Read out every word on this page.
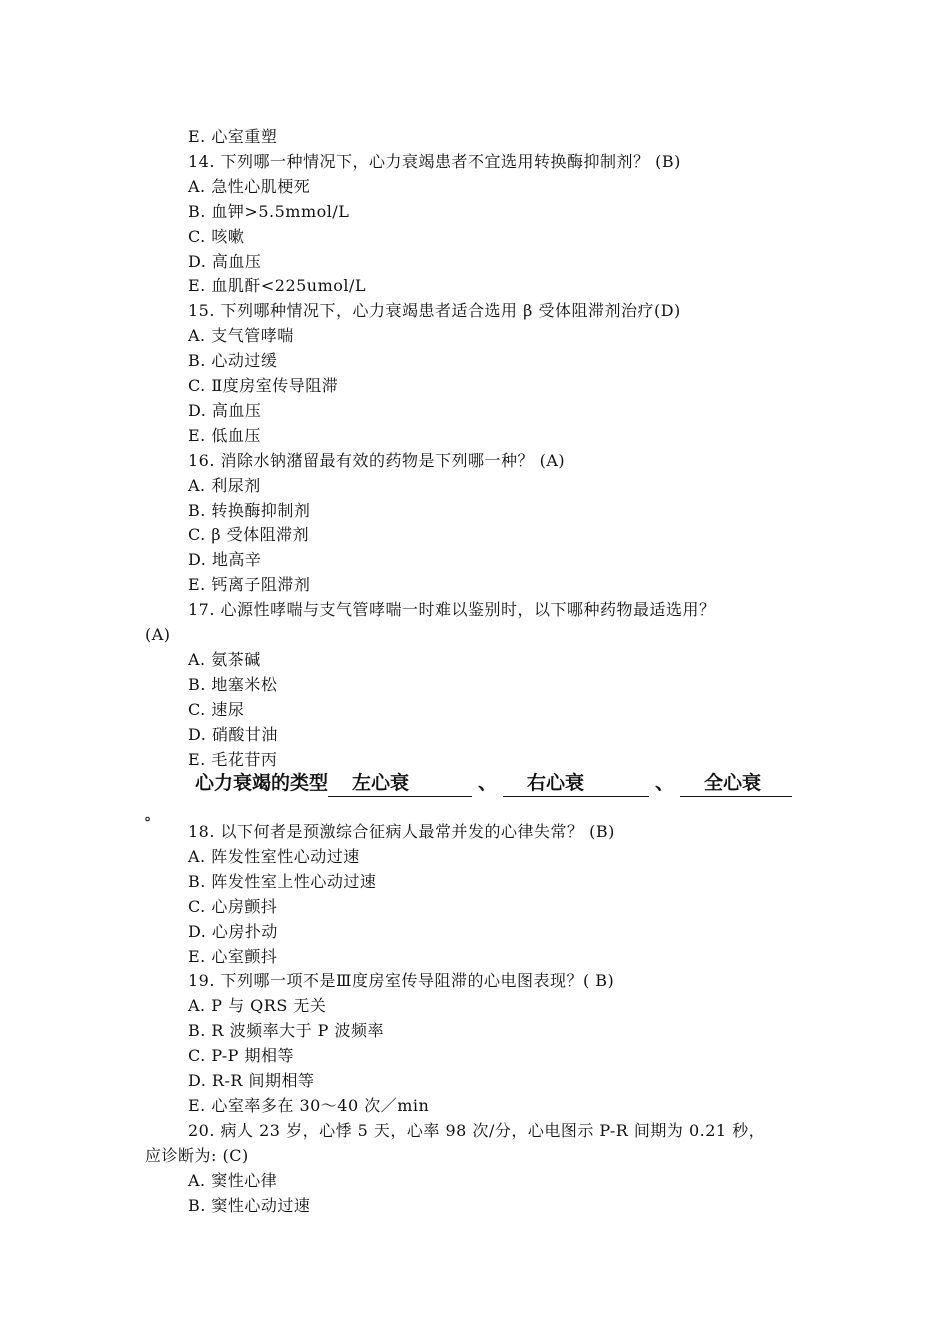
E. 心室重塑
14. 下列哪一种情况下，心力衰竭患者不宜选用转换酶抑制剂？ (B)
A. 急性心肌梗死
B. 血钾>5.5mmol/L
C. 咳嗽
D. 高血压
E. 血肌酐<225umol/L
15. 下列哪种情况下，心力衰竭患者适合选用 β 受体阻滞剂治疗(D)
A. 支气管哮喘
B. 心动过缓
C. Ⅱ度房室传导阻滞
D. 高血压
E. 低血压
16. 消除水钠潴留最有效的药物是下列哪一种？ (A)
A. 利尿剂
B. 转换酶抑制剂
C. β 受体阻滞剂
D. 地高辛
E. 钙离子阻滞剂
17. 心源性哮喘与支气管哮喘一时难以鉴别时，以下哪种药物最适选用？
(A)
A. 氨茶碱
B. 地塞米松
C. 速尿
D. 硝酸甘油
E. 毛花苷丙
心力衰竭的类型 左心衰	、 右心衰	、 全心衰
。
18. 以下何者是预激综合征病人最常并发的心律失常？ (B)
A. 阵发性室性心动过速
B. 阵发性室上性心动过速
C. 心房颤抖
D. 心房扑动
E. 心室颤抖
19. 下列哪一项不是Ⅲ度房室传导阻滞的心电图表现？( B)
A. P 与 QRS 无关
B. R 波频率大于 P 波频率
C. P-P 期相等
D. R-R 间期相等
E. 心室率多在 30～40 次／min
20. 病人 23 岁，心悸 5 天，心率 98 次/分，心电图示 P-R 间期为 0.21 秒，
应诊断为: (C)
A. 窦性心律
B. 窦性心动过速
